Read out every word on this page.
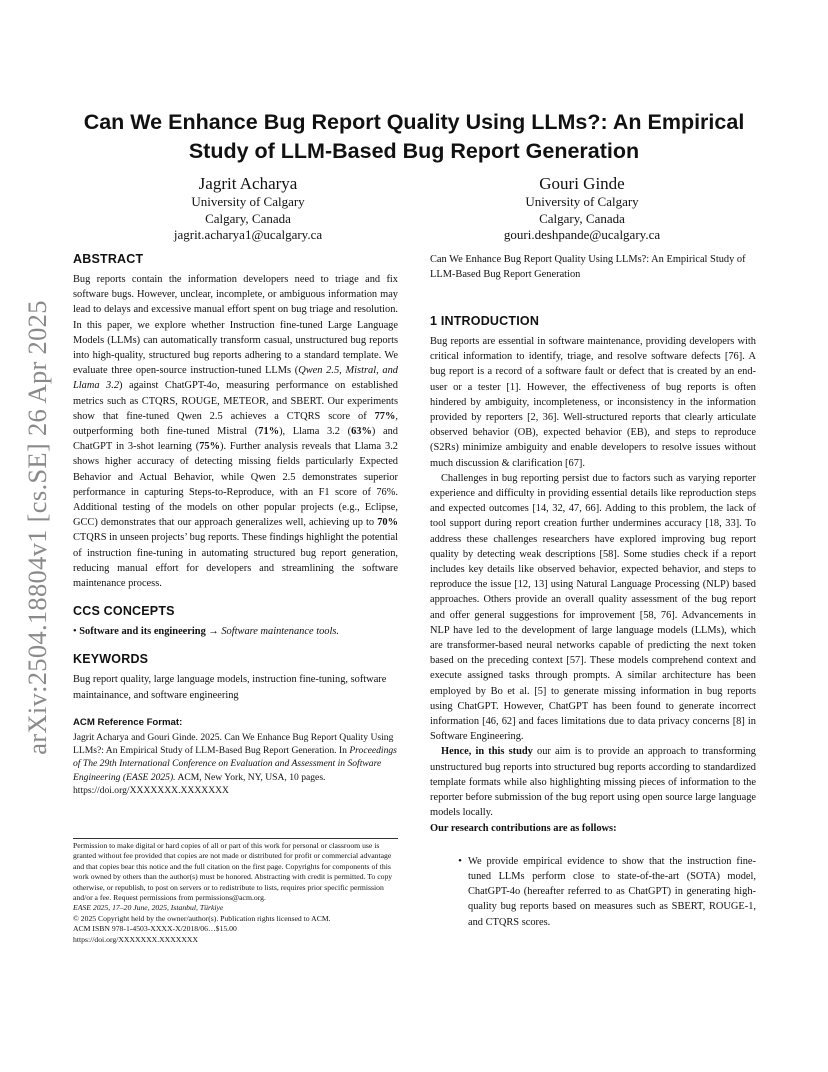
arXiv:2504.18804v1 [cs.SE] 26 Apr 2025
Can We Enhance Bug Report Quality Using LLMs?: An Empirical
Study of LLM-Based Bug Report Generation
Jagrit Acharya
University of Calgary
Calgary, Canada
jagrit.acharya1@ucalgary.ca
Gouri Ginde
University of Calgary
Calgary, Canada
gouri.deshpande@ucalgary.ca
ABSTRACT

Bug reports contain the information developers need to triage and fix software bugs. However, unclear, incomplete, or ambiguous information may lead to delays and excessive manual effort spent on bug triage and resolution. In this paper, we explore whether Instruction fine-tuned Large Language Models (LLMs) can automatically transform casual, unstructured bug reports into high-quality, structured bug reports adhering to a standard template. We evaluate three open-source instruction-tuned LLMs (Qwen 2.5, Mistral, and Llama 3.2) against ChatGPT-4o, measuring performance on established metrics such as CTQRS, ROUGE, METEOR, and SBERT. Our experiments show that fine-tuned Qwen 2.5 achieves a CTQRS score of 77%, outperforming both fine-tuned Mistral (71%), Llama 3.2 (63%) and ChatGPT in 3-shot learning (75%). Further analysis reveals that Llama 3.2 shows higher accuracy of detecting missing fields particularly Expected Behavior and Actual Behavior, while Qwen 2.5 demonstrates superior performance in capturing Steps-to-Reproduce, with an F1 score of 76%. Additional testing of the models on other popular projects (e.g., Eclipse, GCC) demonstrates that our approach generalizes well, achieving up to 70% CTQRS in unseen projects’ bug reports. These findings highlight the potential of instruction fine-tuning in automating structured bug report generation, reducing manual effort for developers and streamlining the software maintenance process.

CCS CONCEPTS

• Software and its engineering → Software maintenance tools.

KEYWORDS

Bug report quality, large language models, instruction fine-tuning, software maintainance, and software engineering

ACM Reference Format:

Jagrit Acharya and Gouri Ginde. 2025. Can We Enhance Bug Report Quality Using LLMs?: An Empirical Study of LLM-Based Bug Report Generation. In Proceedings of The 29th International Conference on Evaluation and Assessment in Software Engineering (EASE 2025). ACM, New York, NY, USA, 10 pages. https://doi.org/XXXXXXX.XXXXXXX

Permission to make digital or hard copies of all or part of this work for personal or classroom use is granted without fee provided that copies are not made or distributed for profit or commercial advantage and that copies bear this notice and the full citation on the first page. Copyrights for components of this work owned by others than the author(s) must be honored. Abstracting with credit is permitted. To copy otherwise, or republish, to post on servers or to redistribute to lists, requires prior specific permission and/or a fee. Request permissions from permissions@acm.org.

EASE 2025, 17–20 June, 2025, Istanbul, Türkiye

© 2025 Copyright held by the owner/author(s). Publication rights licensed to ACM.

ACM ISBN 978-1-4503-XXXX-X/2018/06…$15.00

https://doi.org/XXXXXXX.XXXXXXX

Can We Enhance Bug Report Quality Using LLMs?: An Empirical Study of LLM-Based Bug Report Generation

1 INTRODUCTION

Bug reports are essential in software maintenance, providing developers with critical information to identify, triage, and resolve software defects [76]. A bug report is a record of a software fault or defect that is created by an end-user or a tester [1]. However, the effectiveness of bug reports is often hindered by ambiguity, incompleteness, or inconsistency in the information provided by reporters [2, 36]. Well-structured reports that clearly articulate observed behavior (OB), expected behavior (EB), and steps to reproduce (S2Rs) minimize ambiguity and enable developers to resolve issues without much discussion & clarification [67].

Challenges in bug reporting persist due to factors such as varying reporter experience and difficulty in providing essential details like reproduction steps and expected outcomes [14, 32, 47, 66]. Adding to this problem, the lack of tool support during report creation further undermines accuracy [18, 33]. To address these challenges researchers have explored improving bug report quality by detecting weak descriptions [58]. Some studies check if a report includes key details like observed behavior, expected behavior, and steps to reproduce the issue [12, 13] using Natural Language Processing (NLP) based approaches. Others provide an overall quality assessment of the bug report and offer general suggestions for improvement [58, 76]. Advancements in NLP have led to the development of large language models (LLMs), which are transformer-based neural networks capable of predicting the next token based on the preceding context [57]. These models comprehend context and execute assigned tasks through prompts. A similar architecture has been employed by Bo et al. [5] to generate missing information in bug reports using ChatGPT. However, ChatGPT has been found to generate incorrect information [46, 62] and faces limitations due to data privacy concerns [8] in Software Engineering.

Hence, in this study our aim is to provide an approach to transforming unstructured bug reports into structured bug reports according to standardized template formats while also highlighting missing pieces of information to the reporter before submission of the bug report using open source large language models locally.

Our research contributions are as follows:

• We provide empirical evidence to show that the instruction fine-tuned LLMs perform close to state-of-the-art (SOTA) model, ChatGPT-4o (hereafter referred to as ChatGPT) in generating high-quality bug reports based on measures such as SBERT, ROUGE-1, and CTQRS scores.
